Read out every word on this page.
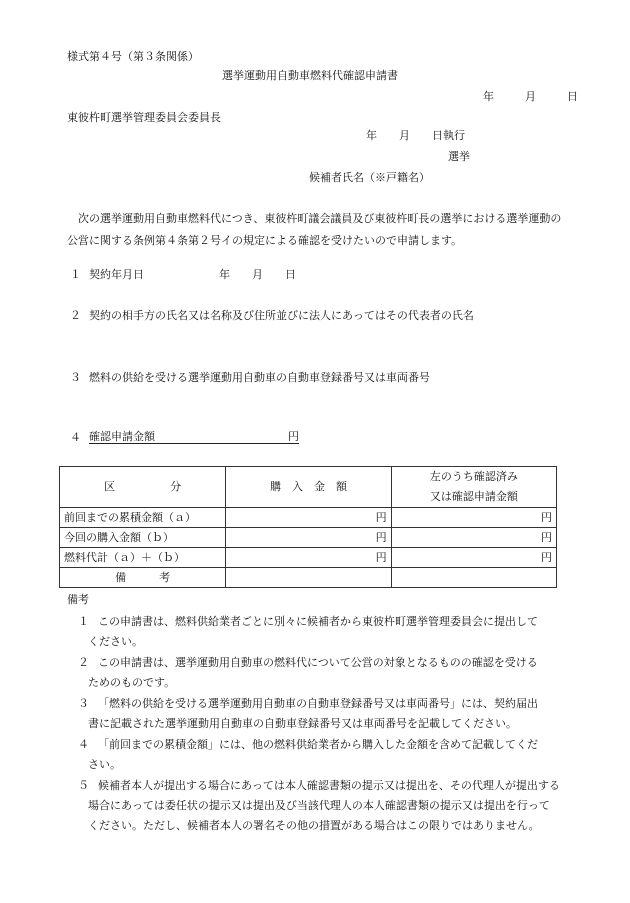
様式第４号（第３条関係）
選挙運動用自動車燃料代確認申請書
年	月	日
東彼杵町選挙管理委員会委員長
年　　月　　日執行
選挙
候補者氏名（※戸籍名）
次の選挙運動用自動車燃料代につき、東彼杵町議会議員及び東彼杵町長の選挙における選挙運動の公営に関する条例第４条第２号イの規定による確認を受けたいので申請します。
１ 契約年月日	年　　月　　日
２ 契約の相手方の氏名又は名称及び住所並びに法人にあってはその代表者の氏名
３ 燃料の供給を受ける選挙運動用自動車の自動車登録番号又は車両番号
４ 確認申請金額	円
区　　　　　分	購　入　金　額	左のうち確認済み
又は確認申請金額

前回までの累積金額（ａ）	円	円
今回の購入金額（ｂ）	円	円
燃料代計（ａ）＋（ｂ）	円	円
備　　　考		
備考
１ この申請書は、燃料供給業者ごとに別々に候補者から東彼杵町選挙管理委員会に提出して
ください。
２ この申請書は、選挙運動用自動車の燃料代について公営の対象となるものの確認を受ける
ためのものです。
３ 「燃料の供給を受ける選挙運動用自動車の自動車登録番号又は車両番号」には、契約届出
書に記載された選挙運動用自動車の自動車登録番号又は車両番号を記載してください。
４ 「前回までの累積金額」には、他の燃料供給業者から購入した金額を含めて記載してくだ
さい。
５ 候補者本人が提出する場合にあっては本人確認書類の提示又は提出を、その代理人が提出する
場合にあっては委任状の提示又は提出及び当該代理人の本人確認書類の提示又は提出を行って
ください。ただし、候補者本人の署名その他の措置がある場合はこの限りではありません。
